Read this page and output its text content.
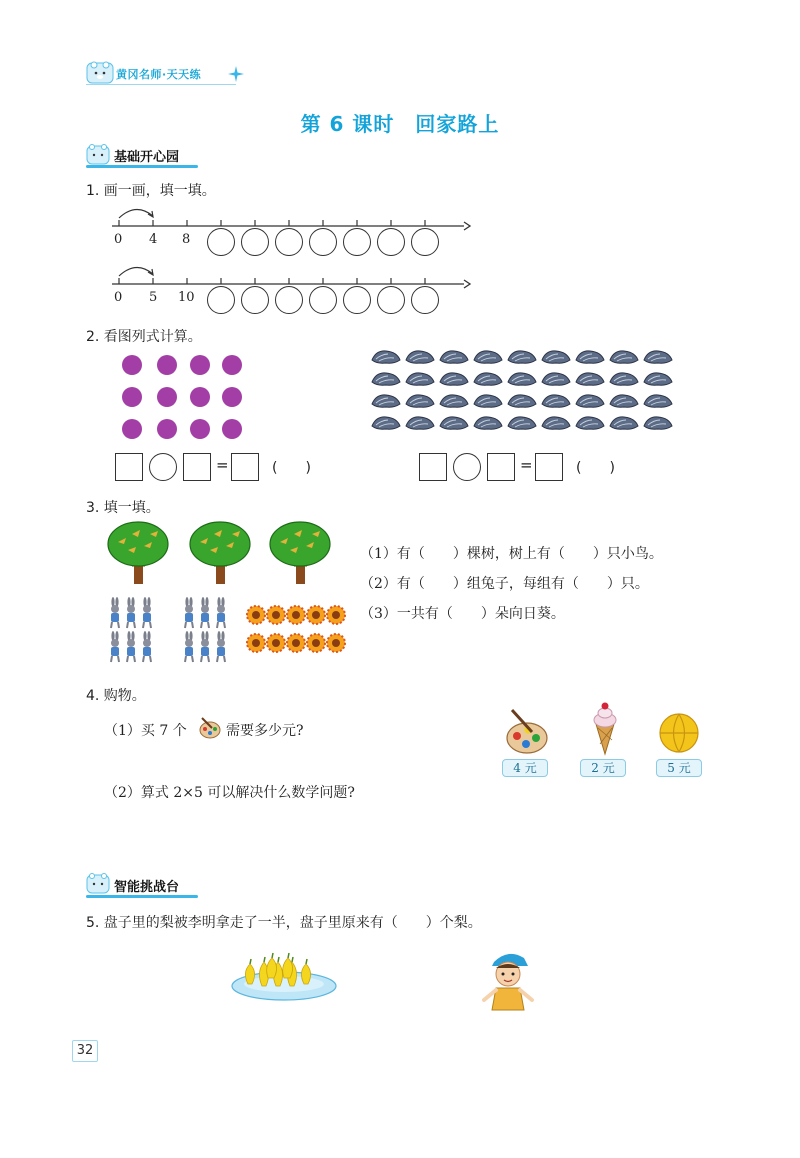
黄冈名师·天天练
第 6 课时　回家路上
基础开心园
1. 画一画，填一填。
0 4 8
0 5 10
2. 看图列式计算。
=	(　　)	=	(　　)
3. 填一填。
（1）有（　　）棵树，树上有（　　）只小鸟。
（2）有（　　）组兔子，每组有（　　）只。
（3）一共有（　　）朵向日葵。
4. 购物。
（1）买 7 个	需要多少元?
（2）算式 2×5 可以解决什么数学问题?
4 元	2 元	5 元
智能挑战台
5. 盘子里的梨被李明拿走了一半，盘子里原来有（　　）个梨。
32
